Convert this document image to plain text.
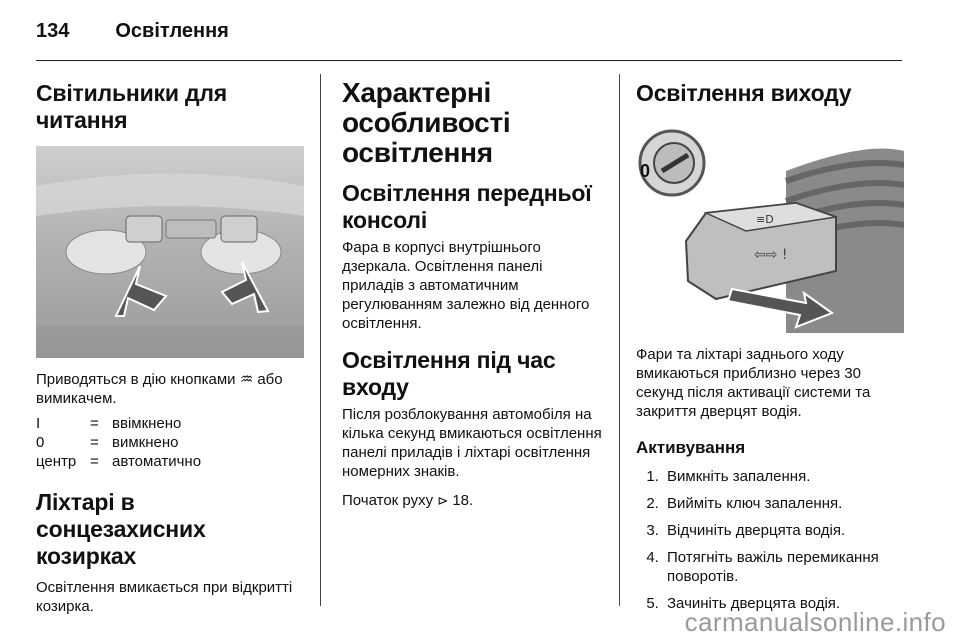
134 Освітлення
Світильники для читання

Приводяться в дію кнопками ♒ або вимикачем.

I	= ввімкнено
0	= вимкнено
центр = автоматично
Ліхтарі в сонцезахисних козирках

Освітлення вмикається при відкритті козирка.

Характерні особливості освітлення
Освітлення передньої консолі

Фара в корпусі внутрішнього дзеркала. Освітлення панелі приладів з автоматичним регулюванням залежно від денного освітлення.

Освітлення під час входу

Після розблокування автомобіля на кілька секунд вмикаються освітлення панелі приладів і ліхтарі освітлення номерних знаків.

Початок руху ⊳ 18.

Освітлення виходу
0
≡D
⇦⇨ !

Фари та ліхтарі заднього ходу вмикаються приблизно через 30 секунд після активації системи та закриття дверцят водія.

Активування
1. Вимкніть запалення.
2. Вийміть ключ запалення.
3. Відчиніть дверцята водія.
4. Потягніть важіль перемикання поворотів.
5. Зачиніть дверцята водія.
carmanualsonline.info
